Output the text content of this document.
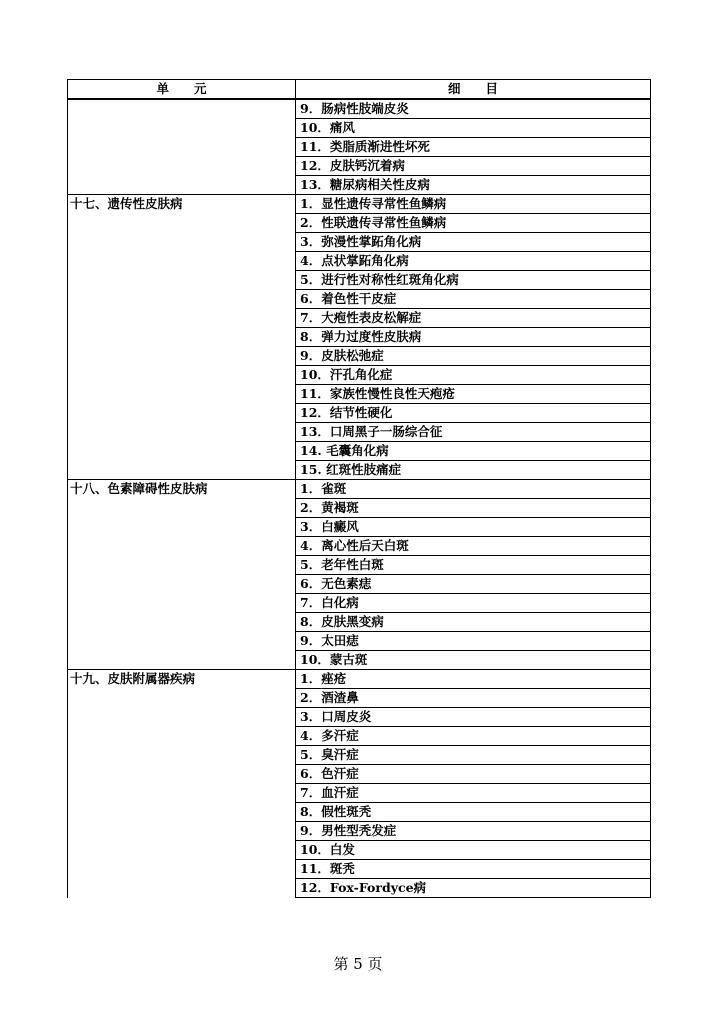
单　　元	细　　目
	9．肠病性肢端皮炎
	10．痛风
	11．类脂质渐进性坏死
	12．皮肤钙沉着病
	13．糖尿病相关性皮病
十七、遗传性皮肤病	1．显性遗传寻常性鱼鳞病
	2．性联遗传寻常性鱼鳞病
	3．弥漫性掌跖角化病
	4．点状掌跖角化病
	5．进行性对称性红斑角化病
	6．着色性干皮症
	7．大疱性表皮松解症
	8．弹力过度性皮肤病
	9．皮肤松弛症
	10．汗孔角化症
	11．家族性慢性良性天疱疮
	12．结节性硬化
	13．口周黑子一肠综合征
	14. 毛囊角化病
	15. 红斑性肢痛症
十八、色素障碍性皮肤病	1．雀斑
	2．黄褐斑
	3．白癜风
	4．离心性后天白斑
	5．老年性白斑
	6．无色素痣
	7．白化病
	8．皮肤黑变病
	9．太田痣
	10．蒙古斑
十九、皮肤附属器疾病	1．痤疮
	2．酒渣鼻
	3．口周皮炎
	4．多汗症
	5．臭汗症
	6．色汗症
	7．血汗症
	8．假性斑秃
	9．男性型秃发症
	10．白发
	11．斑秃
	12．Fox-Fordyce病
第 5 页
